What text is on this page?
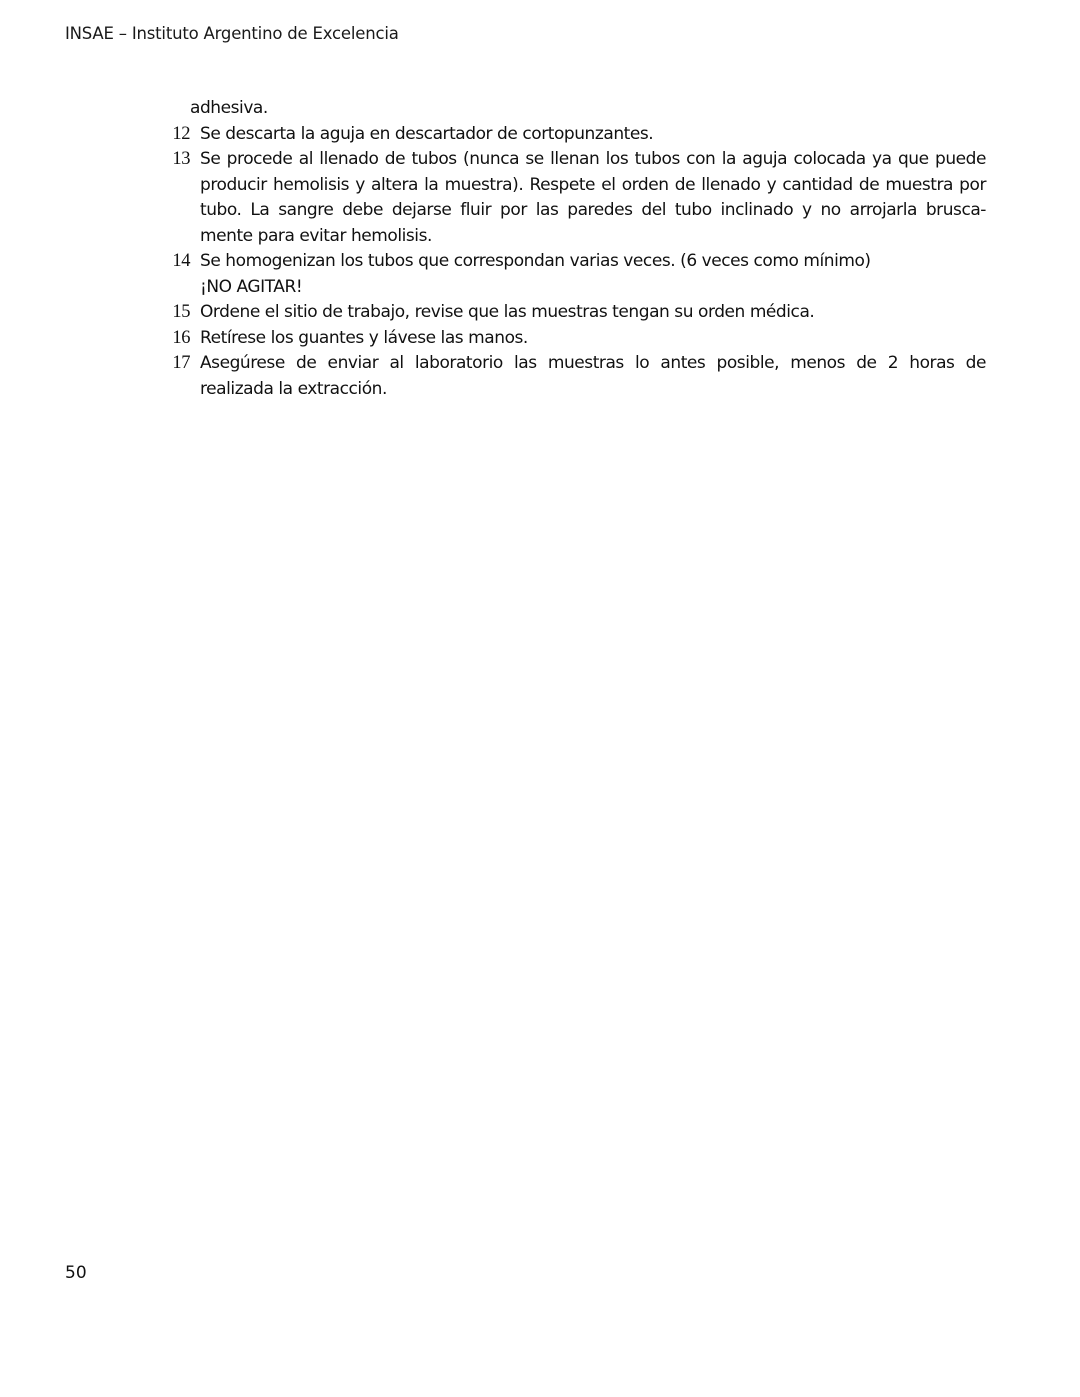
INSAE – Instituto Argentino de Excelencia
adhesiva.
12 Se descarta la aguja en descartador de cortopunzantes.
13 Se procede al llenado de tubos (nunca se llenan los tubos con la aguja colocada ya que puede
producir hemolisis y altera la muestra). Respete el orden de llenado y cantidad de muestra por
tubo. La sangre debe dejarse fluir por las paredes del tubo inclinado y no arrojarla brusca-
mente para evitar hemolisis.
14 Se homogenizan los tubos que correspondan varias veces. (6 veces como mínimo)
¡NO AGITAR!
15 Ordene el sitio de trabajo, revise que las muestras tengan su orden médica.
16 Retírese los guantes y lávese las manos.
17 Asegúrese de enviar al laboratorio las muestras lo antes posible, menos de 2 horas de
realizada la extracción.
50
